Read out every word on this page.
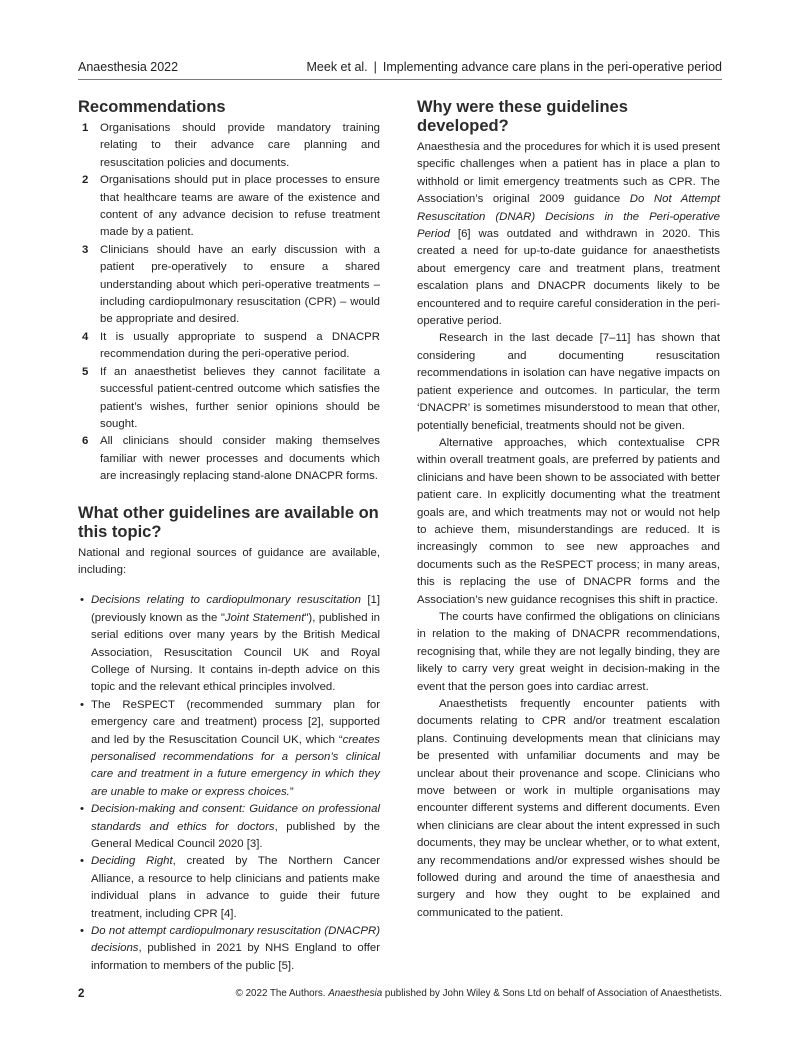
Anaesthesia 2022	Meek et al. | Implementing advance care plans in the peri-operative period
Recommendations
1	Organisations should provide mandatory training relating to their advance care planning and resuscitation policies and documents.
2	Organisations should put in place processes to ensure that healthcare teams are aware of the existence and content of any advance decision to refuse treatment made by a patient.
3	Clinicians should have an early discussion with a patient pre-operatively to ensure a shared understanding about which peri-operative treatments – including cardiopulmonary resuscitation (CPR) – would be appropriate and desired.
4	It is usually appropriate to suspend a DNACPR recommendation during the peri-operative period.
5	If an anaesthetist believes they cannot facilitate a successful patient-centred outcome which satisfies the patient’s wishes, further senior opinions should be sought.
6	All clinicians should consider making themselves familiar with newer processes and documents which are increasingly replacing stand-alone DNACPR forms.
What other guidelines are available on this topic?

National and regional sources of guidance are available, including:

• Decisions relating to cardiopulmonary resuscitation [1] (previously known as the "Joint Statement"), published in serial editions over many years by the British Medical Association, Resuscitation Council UK and Royal College of Nursing. It contains in-depth advice on this topic and the relevant ethical principles involved.
• The ReSPECT (recommended summary plan for emergency care and treatment) process [2], supported and led by the Resuscitation Council UK, which “creates personalised recommendations for a person’s clinical care and treatment in a future emergency in which they are unable to make or express choices.”
• Decision-making and consent: Guidance on professional standards and ethics for doctors, published by the General Medical Council 2020 [3].
• Deciding Right, created by The Northern Cancer Alliance, a resource to help clinicians and patients make individual plans in advance to guide their future treatment, including CPR [4].
• Do not attempt cardiopulmonary resuscitation (DNACPR) decisions, published in 2021 by NHS England to offer information to members of the public [5].
Why were these guidelines developed?

Anaesthesia and the procedures for which it is used present specific challenges when a patient has in place a plan to withhold or limit emergency treatments such as CPR. The Association’s original 2009 guidance Do Not Attempt Resuscitation (DNAR) Decisions in the Peri-operative Period [6] was outdated and withdrawn in 2020. This created a need for up-to-date guidance for anaesthetists about emergency care and treatment plans, treatment escalation plans and DNACPR documents likely to be encountered and to require careful consideration in the peri-operative period.

Research in the last decade [7–11] has shown that considering and documenting resuscitation recommendations in isolation can have negative impacts on patient experience and outcomes. In particular, the term ‘DNACPR’ is sometimes misunderstood to mean that other, potentially beneficial, treatments should not be given.

Alternative approaches, which contextualise CPR within overall treatment goals, are preferred by patients and clinicians and have been shown to be associated with better patient care. In explicitly documenting what the treatment goals are, and which treatments may not or would not help to achieve them, misunderstandings are reduced. It is increasingly common to see new approaches and documents such as the ReSPECT process; in many areas, this is replacing the use of DNACPR forms and the Association’s new guidance recognises this shift in practice.

The courts have confirmed the obligations on clinicians in relation to the making of DNACPR recommendations, recognising that, while they are not legally binding, they are likely to carry very great weight in decision-making in the event that the person goes into cardiac arrest.

Anaesthetists frequently encounter patients with documents relating to CPR and/or treatment escalation plans. Continuing developments mean that clinicians may be presented with unfamiliar documents and may be unclear about their provenance and scope. Clinicians who move between or work in multiple organisations may encounter different systems and different documents. Even when clinicians are clear about the intent expressed in such documents, they may be unclear whether, or to what extent, any recommendations and/or expressed wishes should be followed during and around the time of anaesthesia and surgery and how they ought to be explained and communicated to the patient.

2	© 2022 The Authors. Anaesthesia published by John Wiley & Sons Ltd on behalf of Association of Anaesthetists.
